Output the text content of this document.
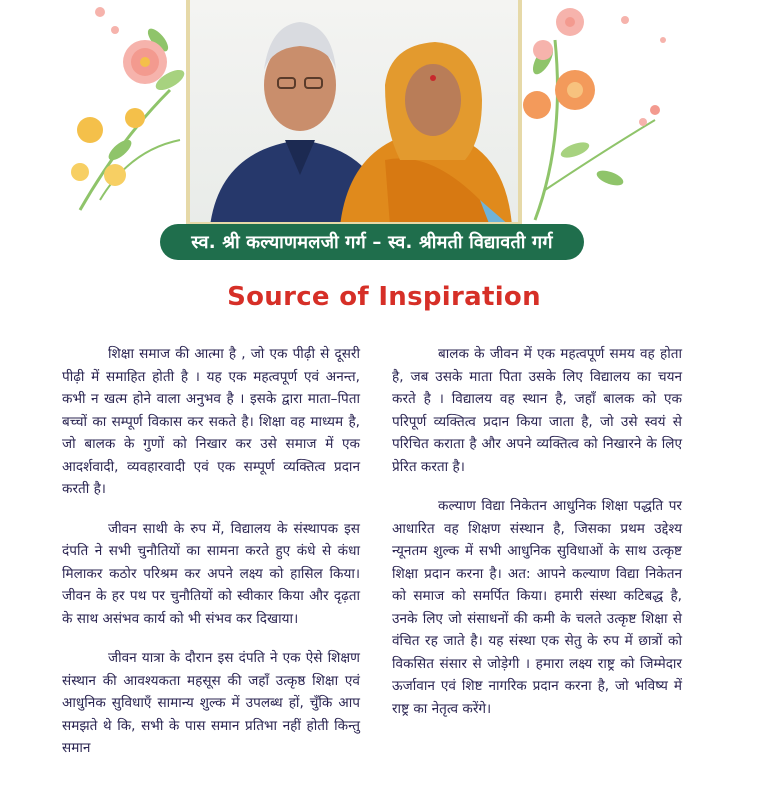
स्व. श्री कल्याणमलजी गर्ग – स्व. श्रीमती विद्यावती गर्ग
Source of Inspiration

शिक्षा समाज की आत्मा है , जो एक पीढ़ी से दूसरी पीढ़ी में समाहित होती है । यह एक महत्वपूर्ण एवं अनन्त, कभी न खत्म होने वाला अनुभव है । इसके द्वारा माता–पिता बच्चों का सम्पूर्ण विकास कर सकते है। शिक्षा वह माध्यम है, जो बालक के गुणों को निखार कर उसे समाज में एक आदर्शवादी, व्यवहारवादी एवं एक सम्पूर्ण व्यक्तित्व प्रदान करती है।

जीवन साथी के रुप में, विद्यालय के संस्थापक इस दंपति ने सभी चुनौतियों का सामना करते हुए कंधे से कंधा मिलाकर कठोर परिश्रम कर अपने लक्ष्य को हासिल किया। जीवन के हर पथ पर चुनौतियों को स्वीकार किया और दृढ़ता के साथ असंभव कार्य को भी संभव कर दिखाया।

जीवन यात्रा के दौरान इस दंपति ने एक ऐसे शिक्षण संस्थान की आवश्यकता महसूस की जहाँ उत्कृष्ठ शिक्षा एवं आधुनिक सुविधाएँ सामान्य शुल्क में उपलब्ध हों, चुँकि आप समझते थे कि, सभी के पास समान प्रतिभा नहीं होती किन्तु समान

बालक के जीवन में एक महत्वपूर्ण समय वह होता है, जब उसके माता पिता उसके लिए विद्यालय का चयन करते है । विद्यालय वह स्थान है, जहाँ बालक को एक परिपूर्ण व्यक्तित्व प्रदान किया जाता है, जो उसे स्वयं से परिचित कराता है और अपने व्यक्तित्व को निखारने के लिए प्रेरित करता है।

कल्याण विद्या निकेतन आधुनिक शिक्षा पद्धति पर आधारित वह शिक्षण संस्थान है, जिसका प्रथम उद्देश्य न्यूनतम शुल्क में सभी आधुनिक सुविधाओं के साथ उत्कृष्ट शिक्षा प्रदान करना है। अत: आपने कल्याण विद्या निकेतन को समाज को समर्पित किया। हमारी संस्था कटिबद्ध है, उनके लिए जो संसाधनों की कमी के चलते उत्कृष्ट शिक्षा से वंचित रह जाते है। यह संस्था एक सेतु के रुप में छात्रों को विकसित संसार से जोड़ेगी । हमारा लक्ष्य राष्ट्र को जिम्मेदार ऊर्जावान एवं शिष्ट नागरिक प्रदान करना है, जो भविष्य में राष्ट्र का नेतृत्व करेंगे।
